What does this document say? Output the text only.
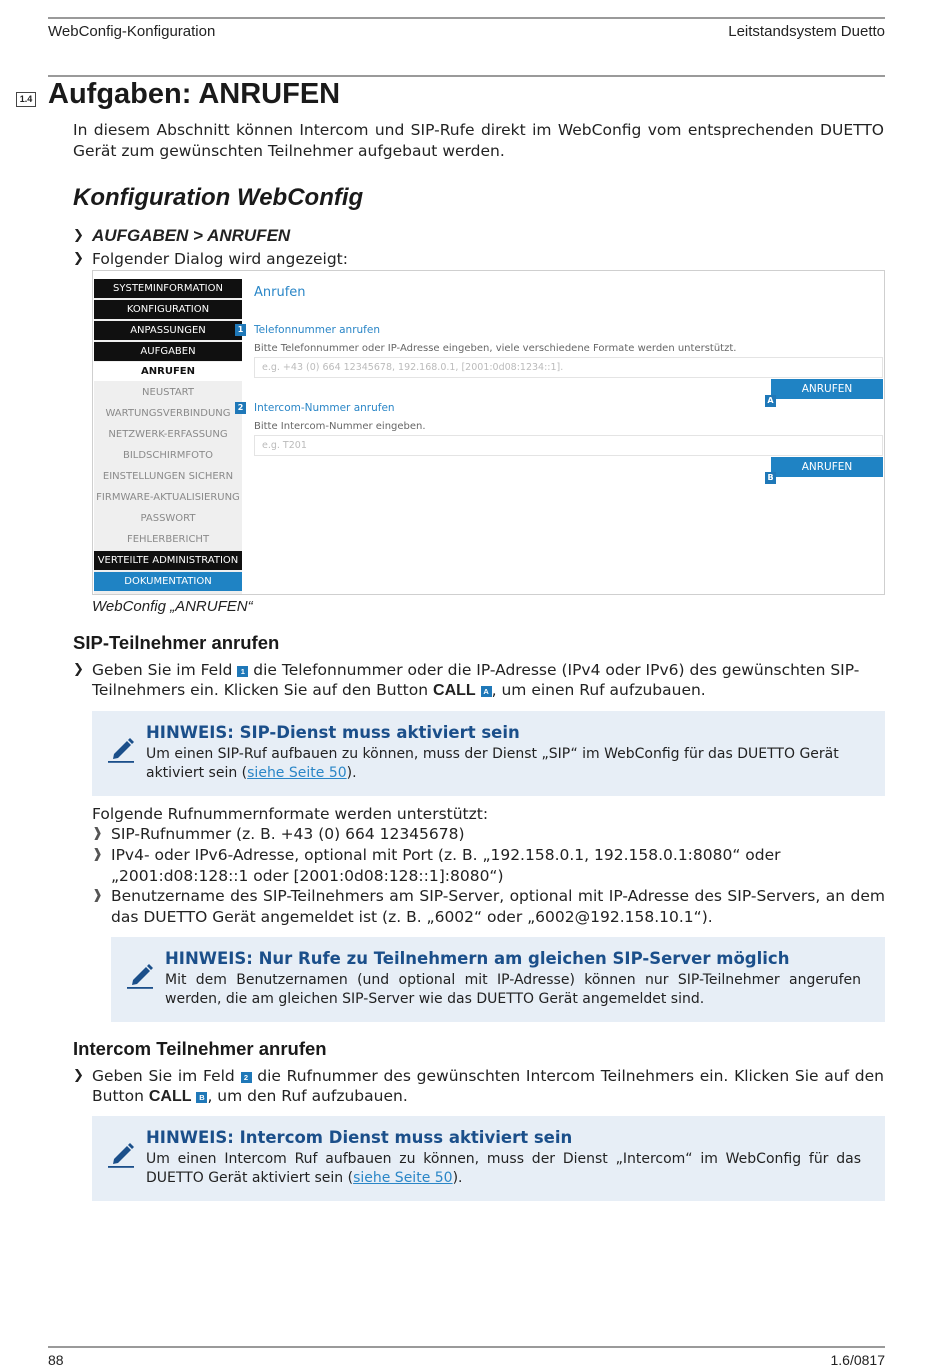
WebConfig-Konfiguration	Leitstandsystem Duetto
1.4 Aufgaben: ANRUFEN
In diesem Abschnitt können Intercom und SIP-Rufe direkt im WebConfig vom entsprechenden DUETTO Gerät zum gewünschten Teilnehmer aufgebaut werden.
Konfiguration WebConfig
❯ AUFGABEN > ANRUFEN
❯ Folgender Dialog wird angezeigt:
SYSTEMINFORMATION
KONFIGURATION
ANPASSUNGEN
AUFGABEN
ANRUFEN
NEUSTART
WARTUNGSVERBINDUNG
NETZWERK-ERFASSUNG
BILDSCHIRMFOTO
EINSTELLUNGEN SICHERN
FIRMWARE-AKTUALISIERUNG
PASSWORT
FEHLERBERICHT
VERTEILTE ADMINISTRATION
DOKUMENTATION
Anrufen
1 Telefonnummer anrufen
Bitte Telefonnummer oder IP-Adresse eingeben, viele verschiedene Formate werden unterstützt.
e.g. +43 (0) 664 12345678, 192.168.0.1, [2001:0d08:1234::1].
ANRUFEN
A
2 Intercom-Nummer anrufen
Bitte Intercom-Nummer eingeben.
e.g. T201
ANRUFEN
B
WebConfig „ANRUFEN“
SIP-Teilnehmer anrufen
❯ Geben Sie im Feld 1 die Telefonnummer oder die IP-Adresse (IPv4 oder IPv6) des gewünschten SIP-Teilnehmers ein. Klicken Sie auf den Button CALL A , um einen Ruf aufzubauen.
HINWEIS: SIP-Dienst muss aktiviert sein
Um einen SIP-Ruf aufbauen zu können, muss der Dienst „SIP“ im WebConfig für das DUETTO Gerät aktiviert sein (siehe Seite 50).
Folgende Rufnummernformate werden unterstützt:
❱ SIP-Rufnummer (z. B. +43 (0) 664 12345678)
❱ IPv4- oder IPv6-Adresse, optional mit Port (z. B. „192.158.0.1, 192.158.0.1:8080“ oder „2001:d08:128::1 oder [2001:0d08:128::1]:8080“)
❱ Benutzername des SIP-Teilnehmers am SIP-Server, optional mit IP-Adresse des SIP-Servers, an dem das DUETTO Gerät angemeldet ist (z. B. „6002“ oder „6002@192.158.10.1“).
HINWEIS: Nur Rufe zu Teilnehmern am gleichen SIP-Server möglich
Mit dem Benutzernamen (und optional mit IP-Adresse) können nur SIP-Teilnehmer angerufen werden, die am gleichen SIP-Server wie das DUETTO Gerät angemeldet sind.
Intercom Teilnehmer anrufen
❯ Geben Sie im Feld 2 die Rufnummer des gewünschten Intercom Teilnehmers ein. Klicken Sie auf den Button CALL B , um den Ruf aufzubauen.
HINWEIS: Intercom Dienst muss aktiviert sein
Um einen Intercom Ruf aufbauen zu können, muss der Dienst „Intercom“ im WebConfig für das DUETTO Gerät aktiviert sein (siehe Seite 50).
88	1.6/0817
